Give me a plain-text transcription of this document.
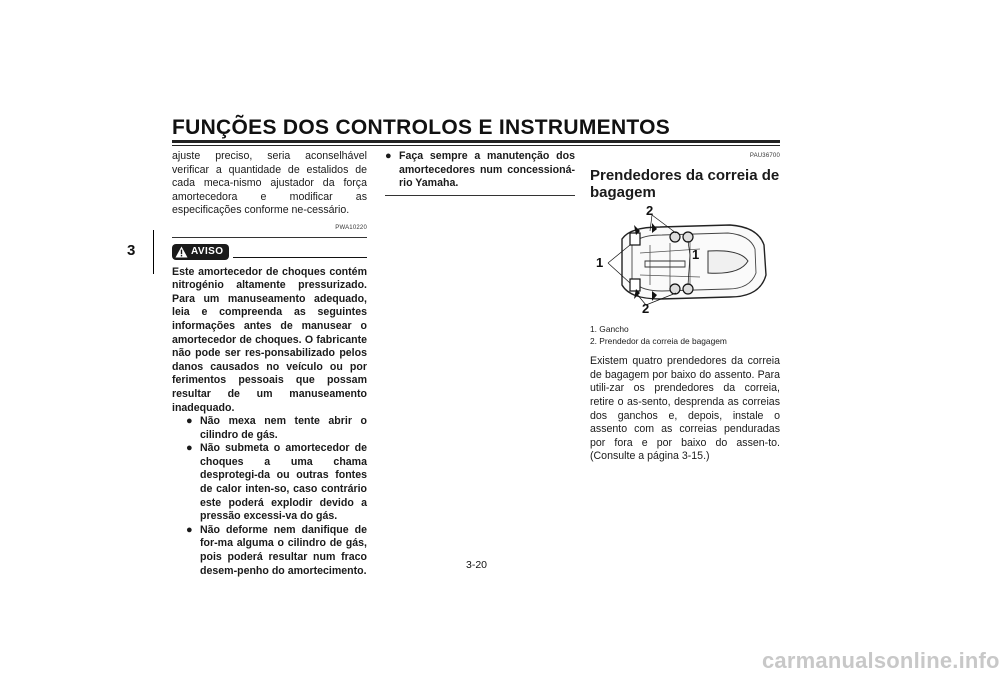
FUNÇÕES DOS CONTROLOS E INSTRUMENTOS
3

ajuste preciso, seria aconselhável verificar a quantidade de estalidos de cada meca-nismo ajustador da força amortecedora e modificar as especificações conforme ne-cessário.

PWA10220
AVISO

Este amortecedor de choques contém nitrogénio altamente pressurizado. Para um manuseamento adequado, leia e compreenda as seguintes informações antes de manusear o amortecedor de choques. O fabricante não pode ser res-ponsabilizado pelos danos causados no veículo ou por ferimentos pessoais que possam resultar de um manuseamento inadequado.

● Não mexa nem tente abrir o cilindro de gás.
● Não submeta o amortecedor de choques a uma chama desprotegi-da ou outras fontes de calor inten-so, caso contrário este poderá explodir devido a pressão excessi-va do gás.
● Não deforme nem danifique de for-ma alguma o cilindro de gás, pois poderá resultar num fraco desem-penho do amortecimento.
● Faça sempre a manutenção dos amortecedores num concessioná-rio Yamaha.
PAU36700
Prendedores da correia de bagagem
1
1
2
2
1. Gancho
2. Prendedor da correia de bagagem

Existem quatro prendedores da correia de bagagem por baixo do assento. Para utili-zar os prendedores da correia, retire o as-sento, desprenda as correias dos ganchos e, depois, instale o assento com as correias penduradas por fora e por baixo do assen-to. (Consulte a página 3-15.)

3-20
carmanualsonline.info
